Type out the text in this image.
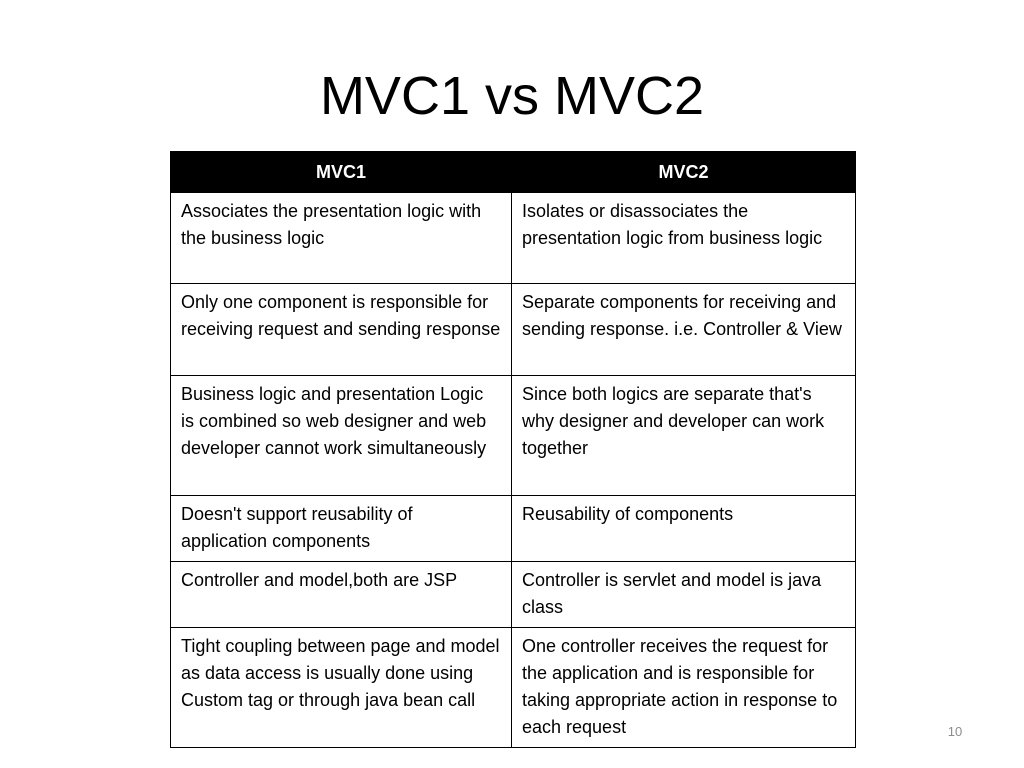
MVC1 vs MVC2
MVC1	MVC2
Associates the presentation logic with the business logic	Isolates or disassociates the presentation logic from business logic
Only one component is responsible for receiving request and sending response	Separate components for receiving and sending response. i.e. Controller & View
Business logic and presentation Logic is combined so web designer and web developer cannot work simultaneously	Since both logics are separate that's why designer and developer can work together
Doesn't support reusability of application components	Reusability of components
Controller and model,both are JSP	Controller is servlet and model is java class
Tight coupling between page and model as data access is usually done using Custom tag or through java bean call	One controller receives the request for the application and is responsible for taking appropriate action in response to each request	10
